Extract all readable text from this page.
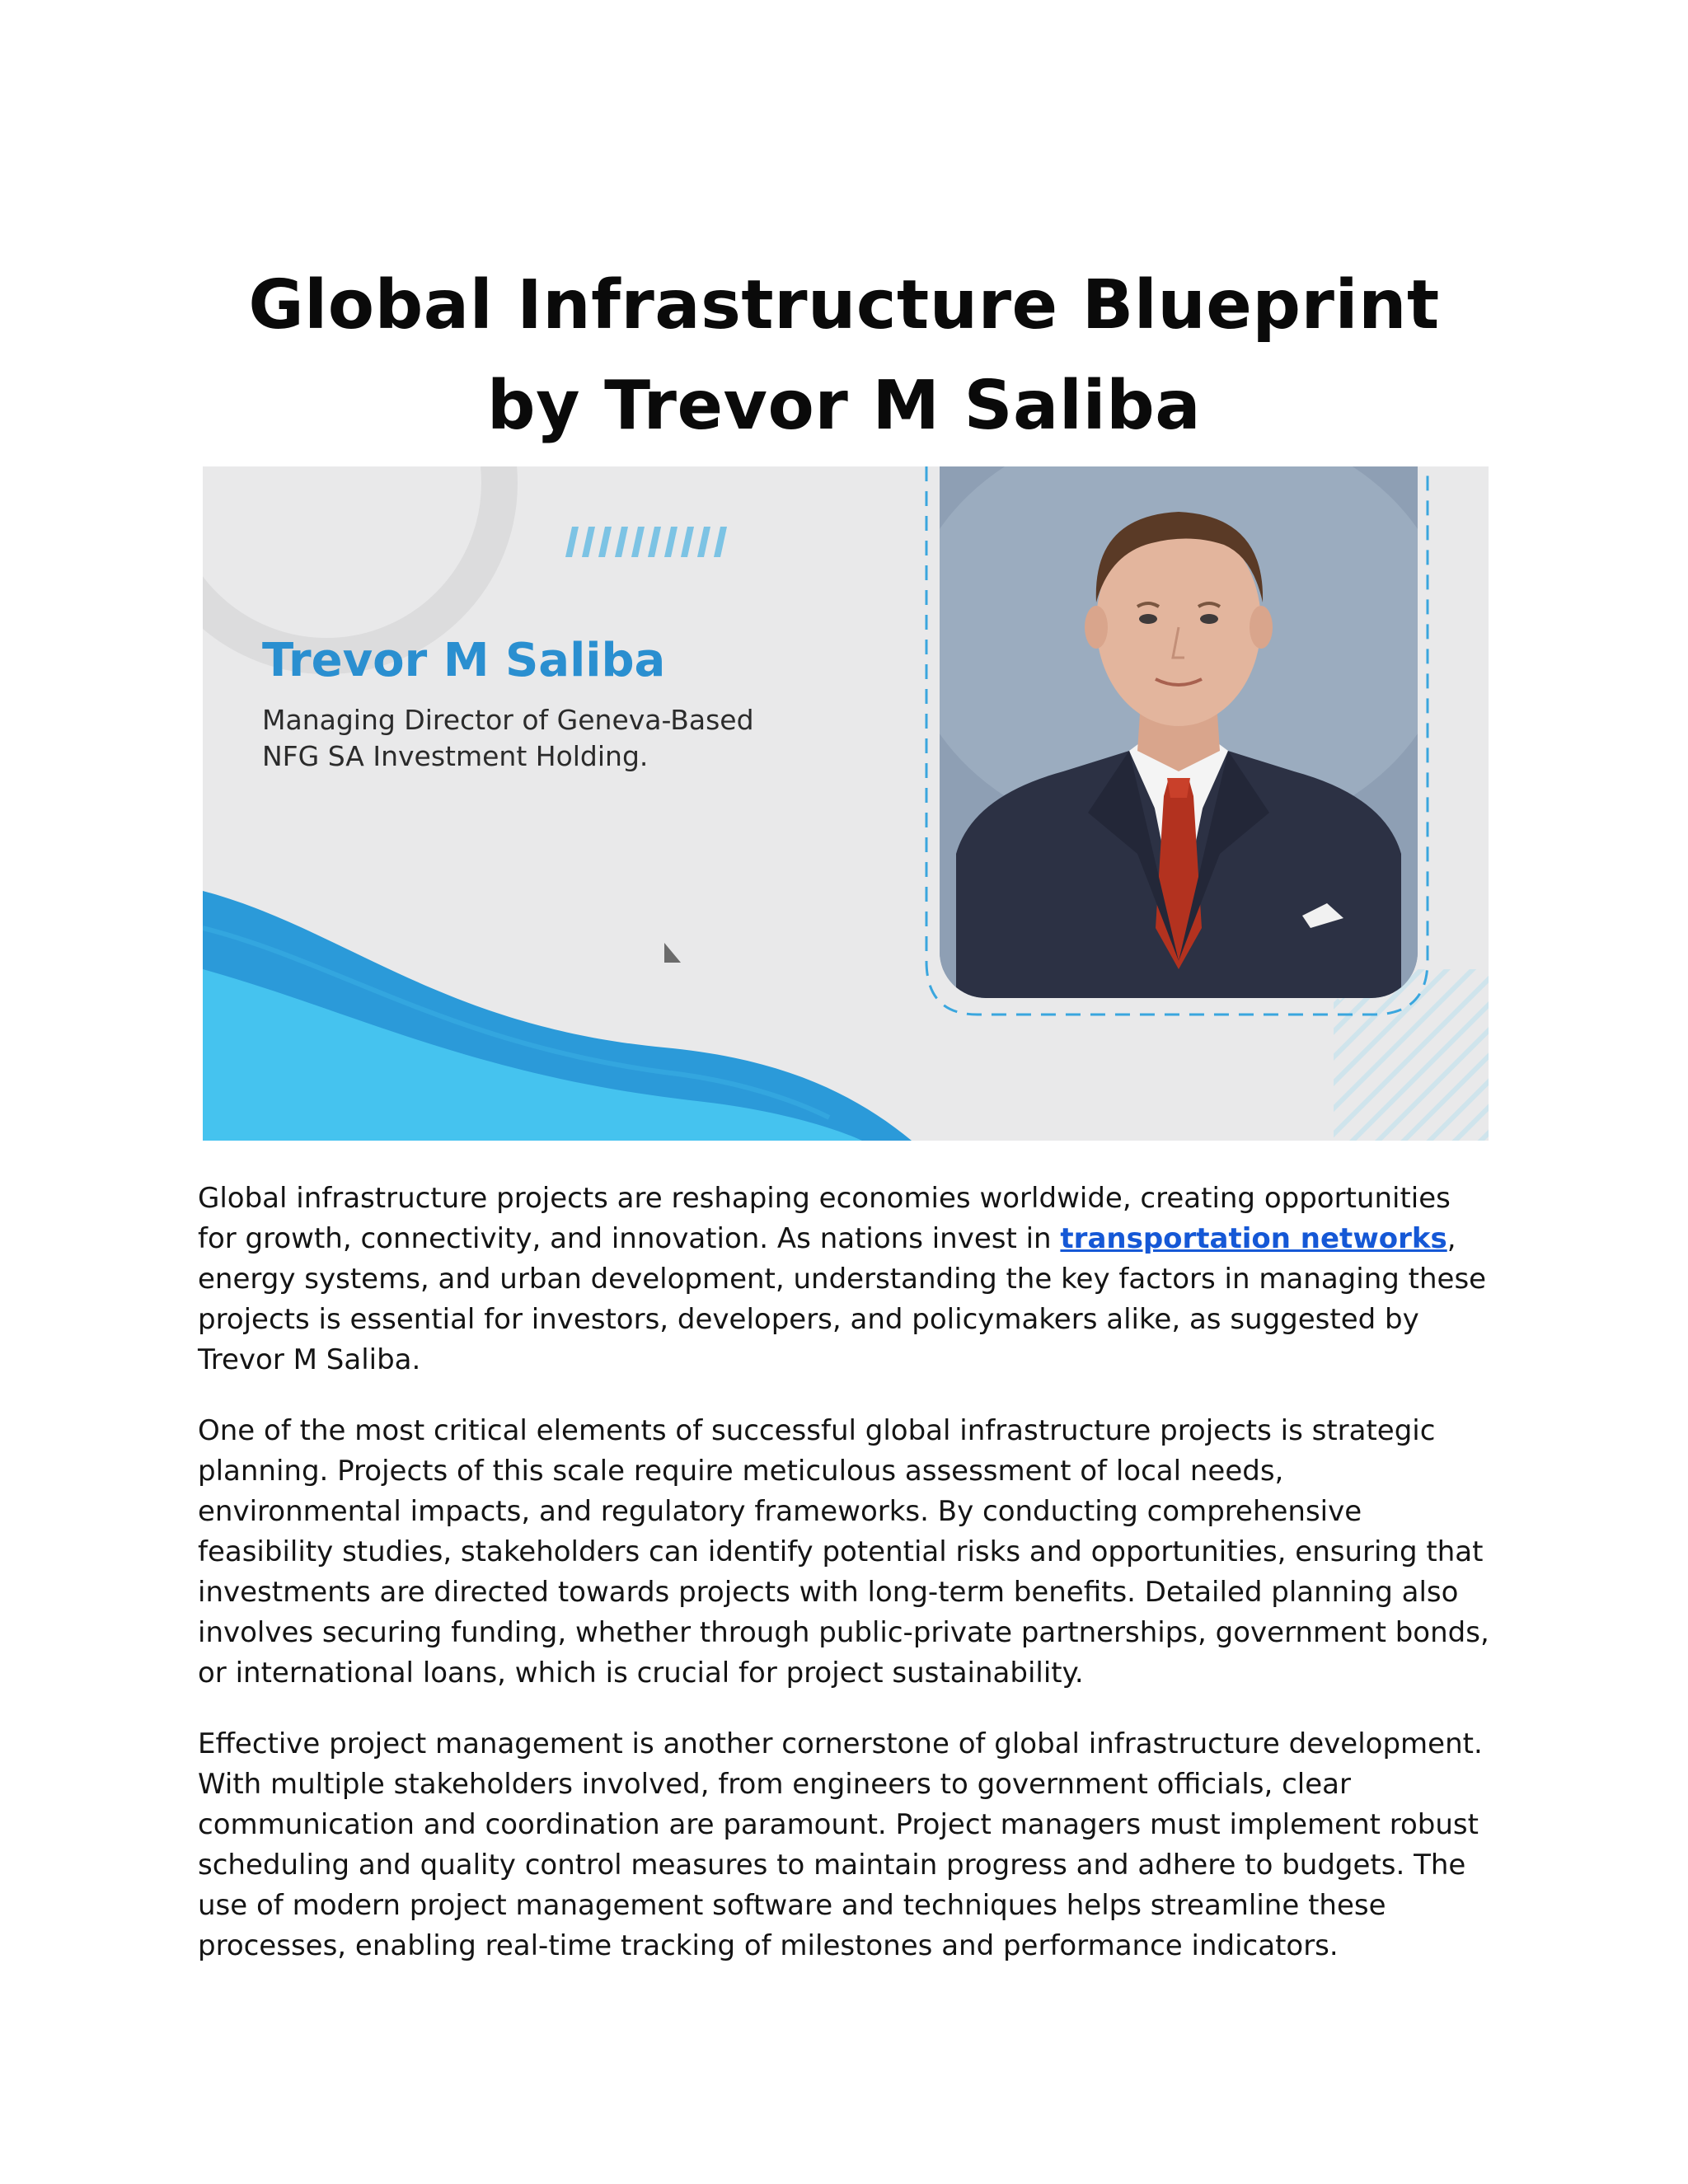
Global Infrastructure Blueprint by Trevor M Saliba
Trevor M Saliba

Managing Director of Geneva-Based
NFG SA Investment Holding.

Global infrastructure projects are reshaping economies worldwide, creating opportunities for growth, connectivity, and innovation. As nations invest in transportation networks, energy systems, and urban development, understanding the key factors in managing these projects is essential for investors, developers, and policymakers alike, as suggested by Trevor M Saliba.

One of the most critical elements of successful global infrastructure projects is strategic planning. Projects of this scale require meticulous assessment of local needs, environmental impacts, and regulatory frameworks. By conducting comprehensive feasibility studies, stakeholders can identify potential risks and opportunities, ensuring that investments are directed towards projects with long-term benefits. Detailed planning also involves securing funding, whether through public-private partnerships, government bonds, or international loans, which is crucial for project sustainability.

Effective project management is another cornerstone of global infrastructure development. With multiple stakeholders involved, from engineers to government officials, clear communication and coordination are paramount. Project managers must implement robust scheduling and quality control measures to maintain progress and adhere to budgets. The use of modern project management software and techniques helps streamline these processes, enabling real-time tracking of milestones and performance indicators.
